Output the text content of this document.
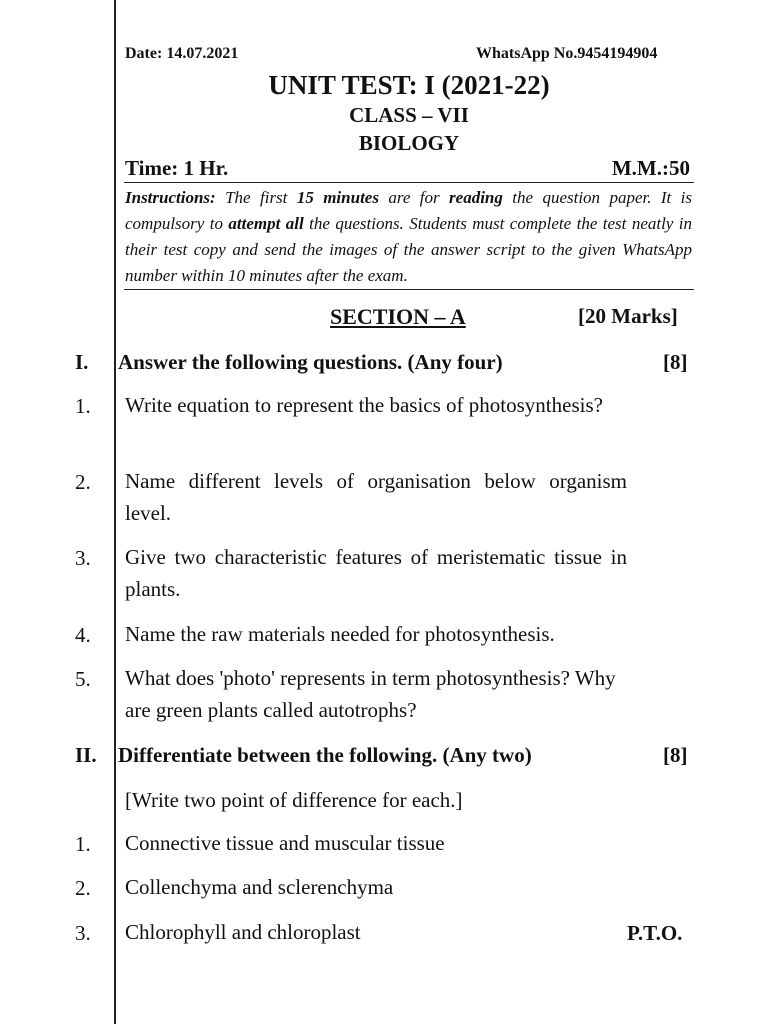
Date: 14.07.2021	WhatsApp No.9454194904
UNIT TEST: I (2021-22)
CLASS – VII
BIOLOGY
Time: 1 Hr.	M.M.:50
Instructions: The first 15 minutes are for reading the question paper. It is compulsory to attempt all the questions. Students must complete the test neatly in their test copy and send the images of the answer script to the given WhatsApp number within 10 minutes after the exam.
SECTION – A	[20 Marks]
I. Answer the following questions. (Any four)	[8]
1. Write equation to represent the basics of photosynthesis?
2. Name different levels of organisation below organism level.
3. Give two characteristic features of meristematic tissue in plants.
4. Name the raw materials needed for photosynthesis.
5. What does 'photo' represents in term photosynthesis? Why are green plants called autotrophs?
II. Differentiate between the following. (Any two)	[8]
[Write two point of difference for each.]
1. Connective tissue and muscular tissue
2. Collenchyma and sclerenchyma
3. Chlorophyll and chloroplast	P.T.O.
